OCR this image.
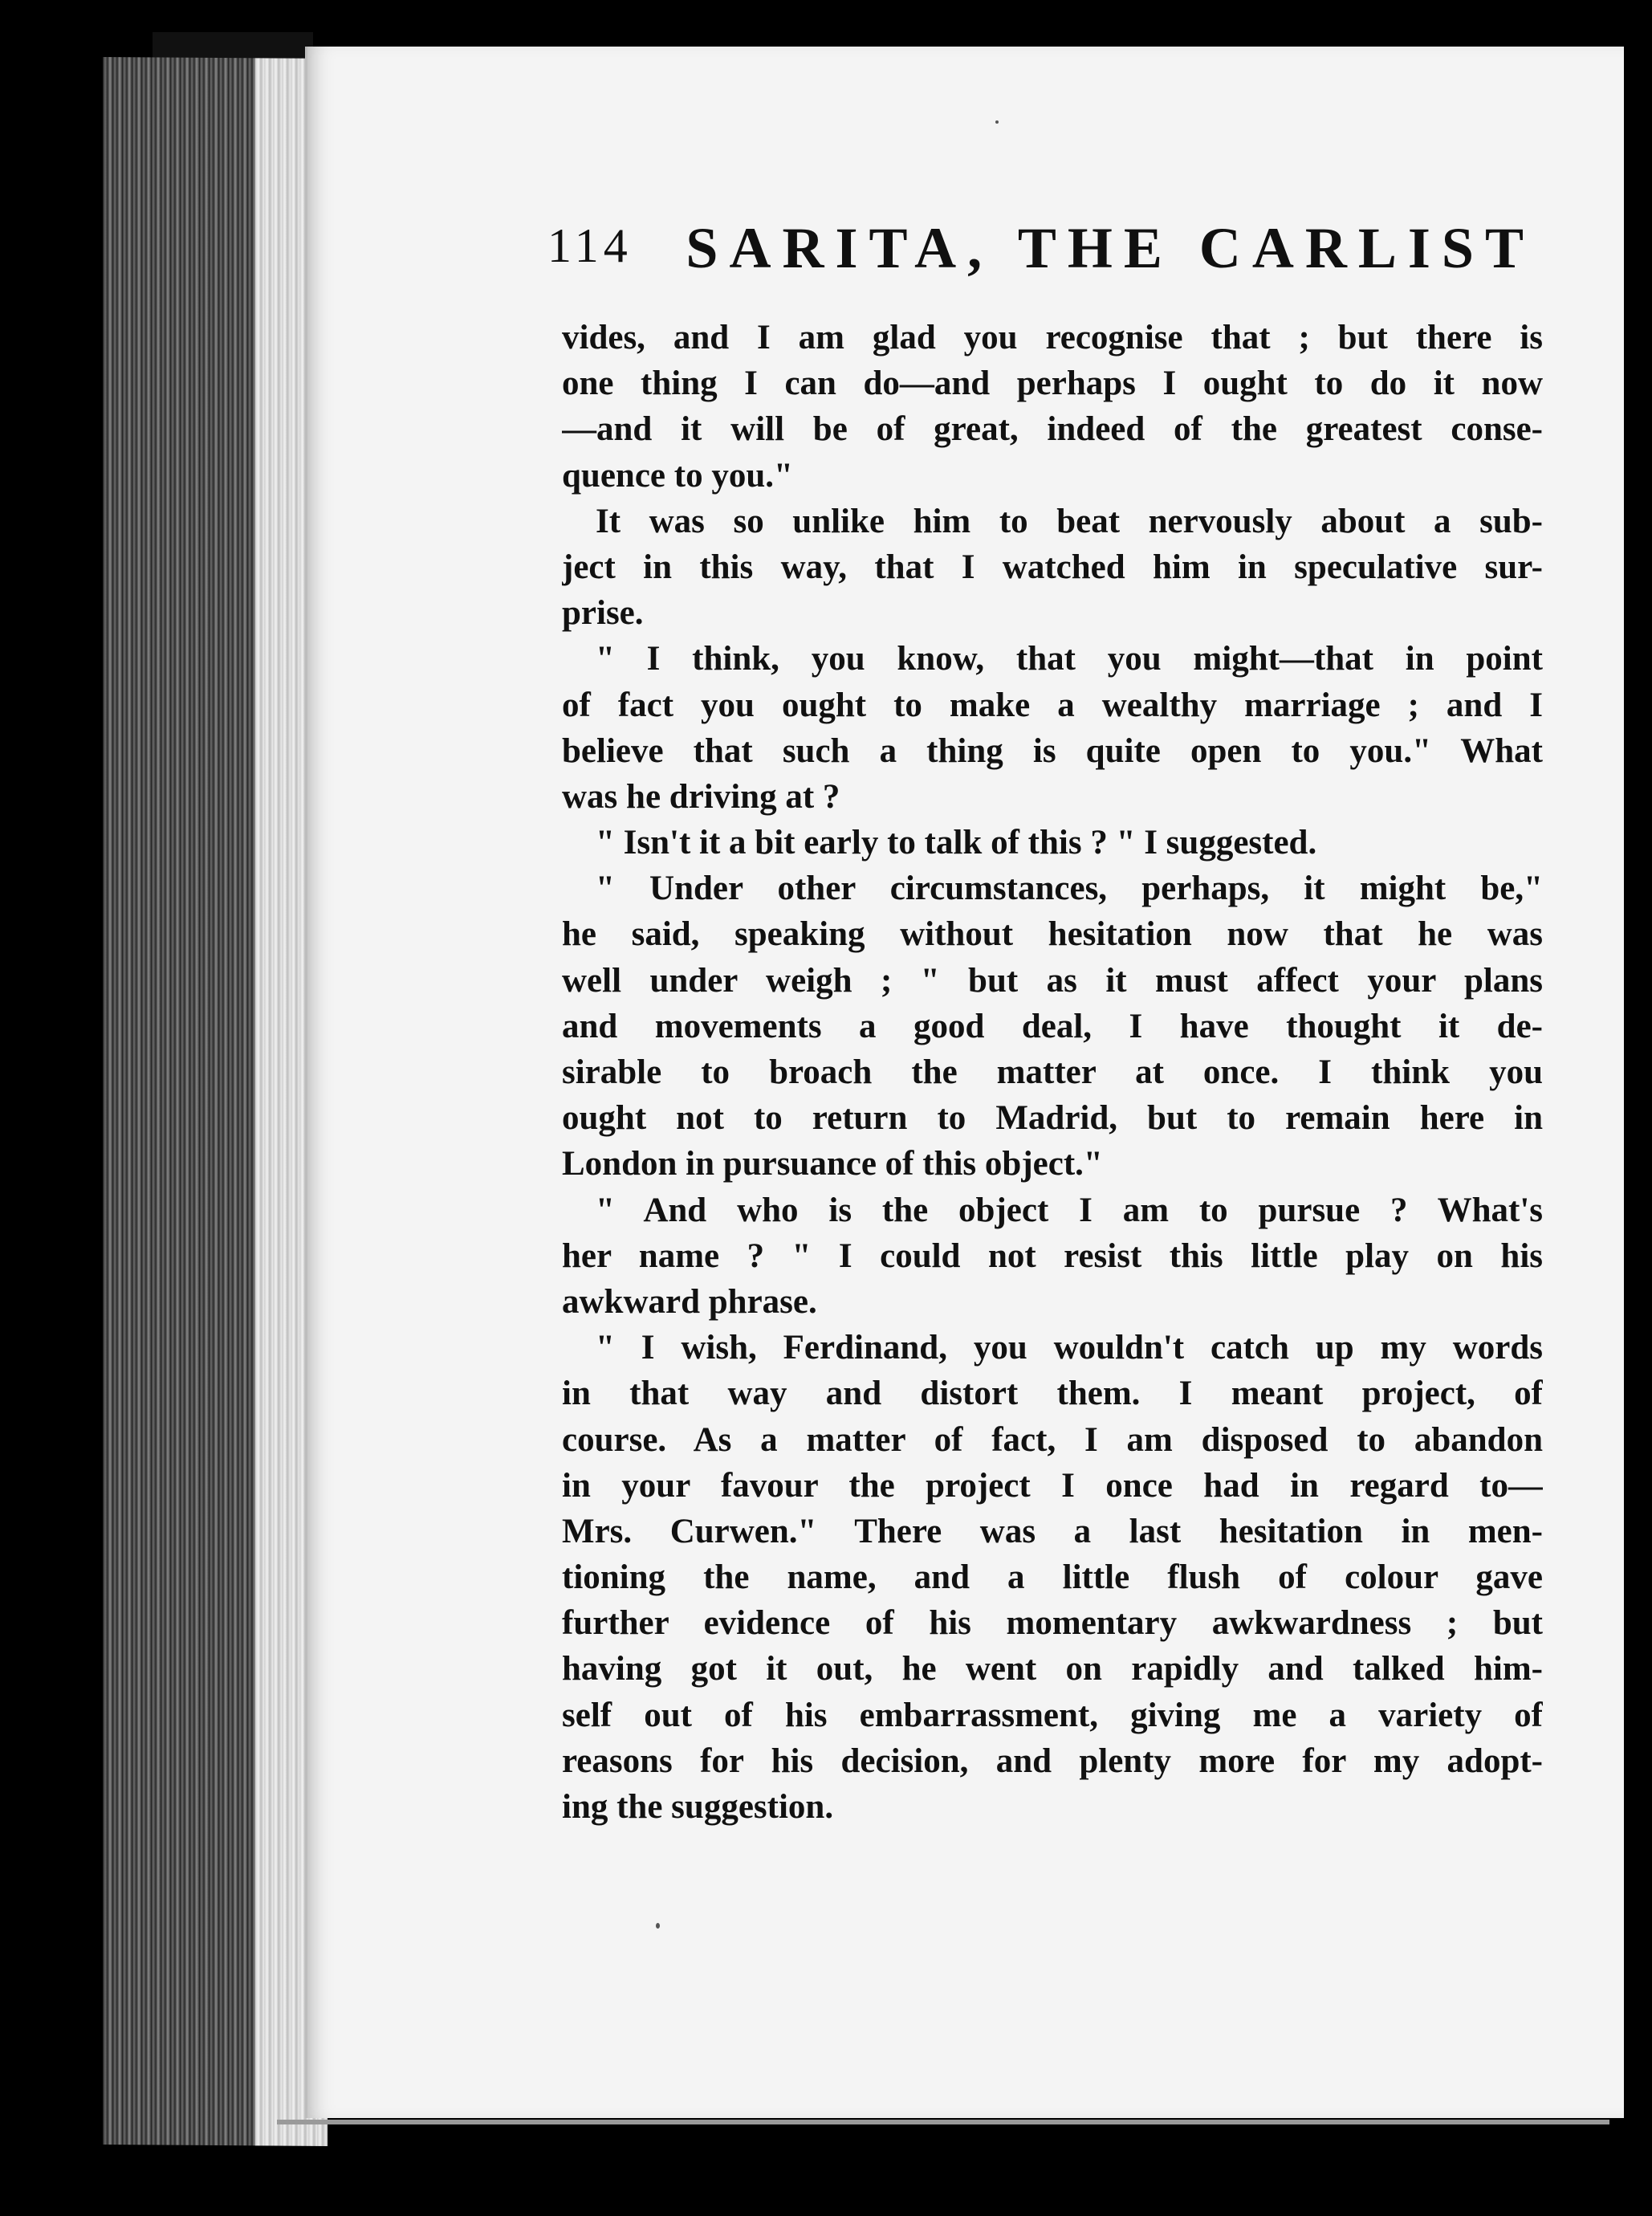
114 SARITA, THE CARLIST
vides, and I am glad you recognise that ; but there is
one thing I can do—and perhaps I ought to do it now
—and it will be of great, indeed of the greatest conse-
quence to you."
It was so unlike him to beat nervously about a sub-
ject in this way, that I watched him in speculative sur-
prise.
" I think, you know, that you might—that in point
of fact you ought to make a wealthy marriage ; and I
believe that such a thing is quite open to you." What
was he driving at ?
" Isn't it a bit early to talk of this ? " I suggested.
" Under other circumstances, perhaps, it might be,"
he said, speaking without hesitation now that he was
well under weigh ; " but as it must affect your plans
and movements a good deal, I have thought it de-
sirable to broach the matter at once. I think you
ought not to return to Madrid, but to remain here in
London in pursuance of this object."
" And who is the object I am to pursue ? What's
her name ? " I could not resist this little play on his
awkward phrase.
" I wish, Ferdinand, you wouldn't catch up my words
in that way and distort them. I meant project, of
course. As a matter of fact, I am disposed to abandon
in your favour the project I once had in regard to—
Mrs. Curwen." There was a last hesitation in men-
tioning the name, and a little flush of colour gave
further evidence of his momentary awkwardness ; but
having got it out, he went on rapidly and talked him-
self out of his embarrassment, giving me a variety of
reasons for his decision, and plenty more for my adopt-
ing the suggestion.
